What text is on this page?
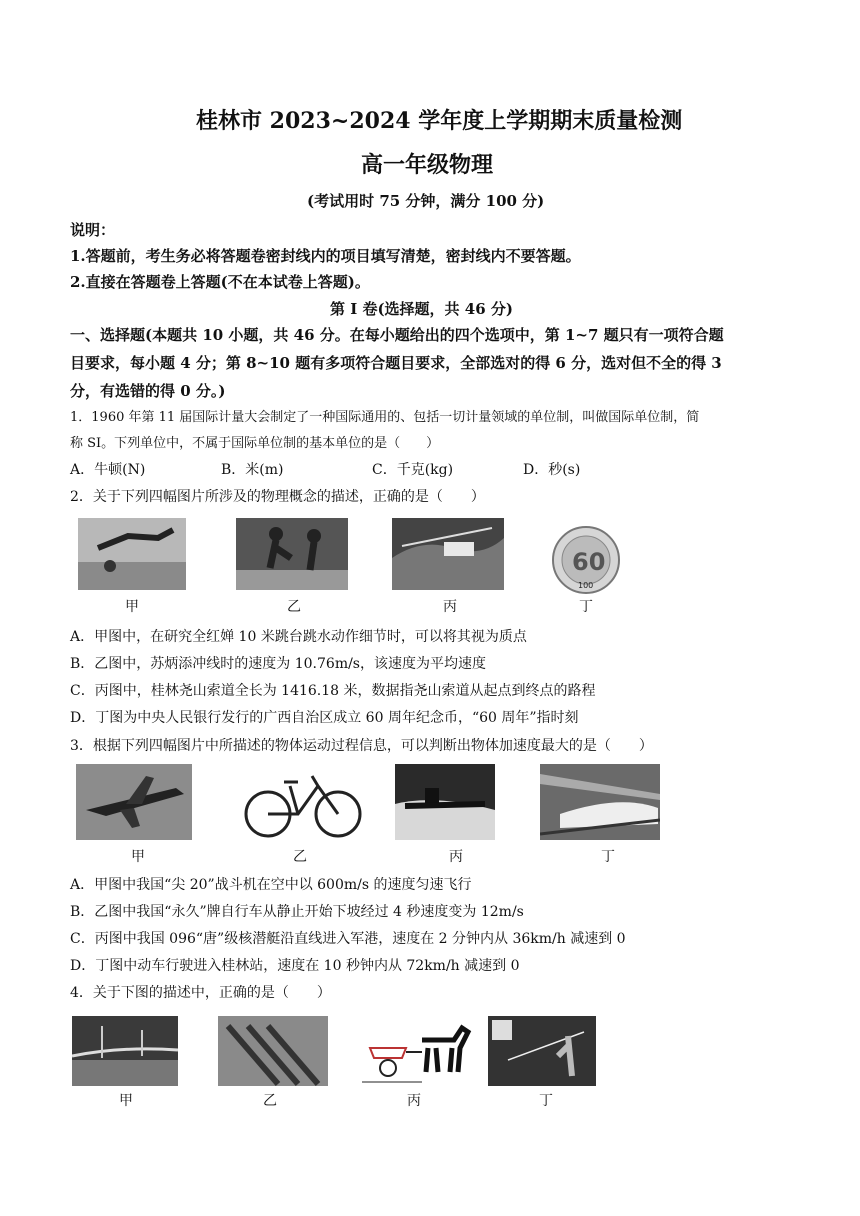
桂林市 2023~2024 学年度上学期期末质量检测
高一年级物理
(考试用时 75 分钟，满分 100 分)
说明：
1.答题前，考生务必将答题卷密封线内的项目填写清楚，密封线内不要答题。
2.直接在答题卷上答题(不在本试卷上答题)。
第 Ⅰ 卷(选择题，共 46 分)
一、选择题(本题共 10 小题，共 46 分。在每小题给出的四个选项中，第 1~7 题只有一项符合题
目要求，每小题 4 分；第 8~10 题有多项符合题目要求，全部选对的得 6 分，选对但不全的得 3
分，有选错的得 0 分。)
1．1960 年第 11 届国际计量大会制定了一种国际通用的、包括一切计量领域的单位制，叫做国际单位制，简
称 SI。下列单位中，不属于国际单位制的基本单位的是（　　）
A．牛顿(N)	B．米(m)	C．千克(kg)	D．秒(s)
2．关于下列四幅图片所涉及的物理概念的描述，正确的是（　　）
60
100
甲	乙	丙	丁
A．甲图中，在研究全红婵 10 米跳台跳水动作细节时，可以将其视为质点
B．乙图中，苏炳添冲线时的速度为 10.76m/s，该速度为平均速度
C．丙图中，桂林尧山索道全长为 1416.18 米，数据指尧山索道从起点到终点的路程
D．丁图为中央人民银行发行的广西自治区成立 60 周年纪念币，“60 周年”指时刻
3．根据下列四幅图片中所描述的物体运动过程信息，可以判断出物体加速度最大的是（　　）
甲	乙	丙	丁
A．甲图中我国“尖 20”战斗机在空中以 600m/s 的速度匀速飞行
B．乙图中我国“永久”牌自行车从静止开始下坡经过 4 秒速度变为 12m/s
C．丙图中我国 096“唐”级核潜艇沿直线进入军港，速度在 2 分钟内从 36km/h 减速到 0
D．丁图中动车行驶进入桂林站，速度在 10 秒钟内从 72km/h 减速到 0
4．关于下图的描述中，正确的是（　　）
甲	乙	丙	丁
